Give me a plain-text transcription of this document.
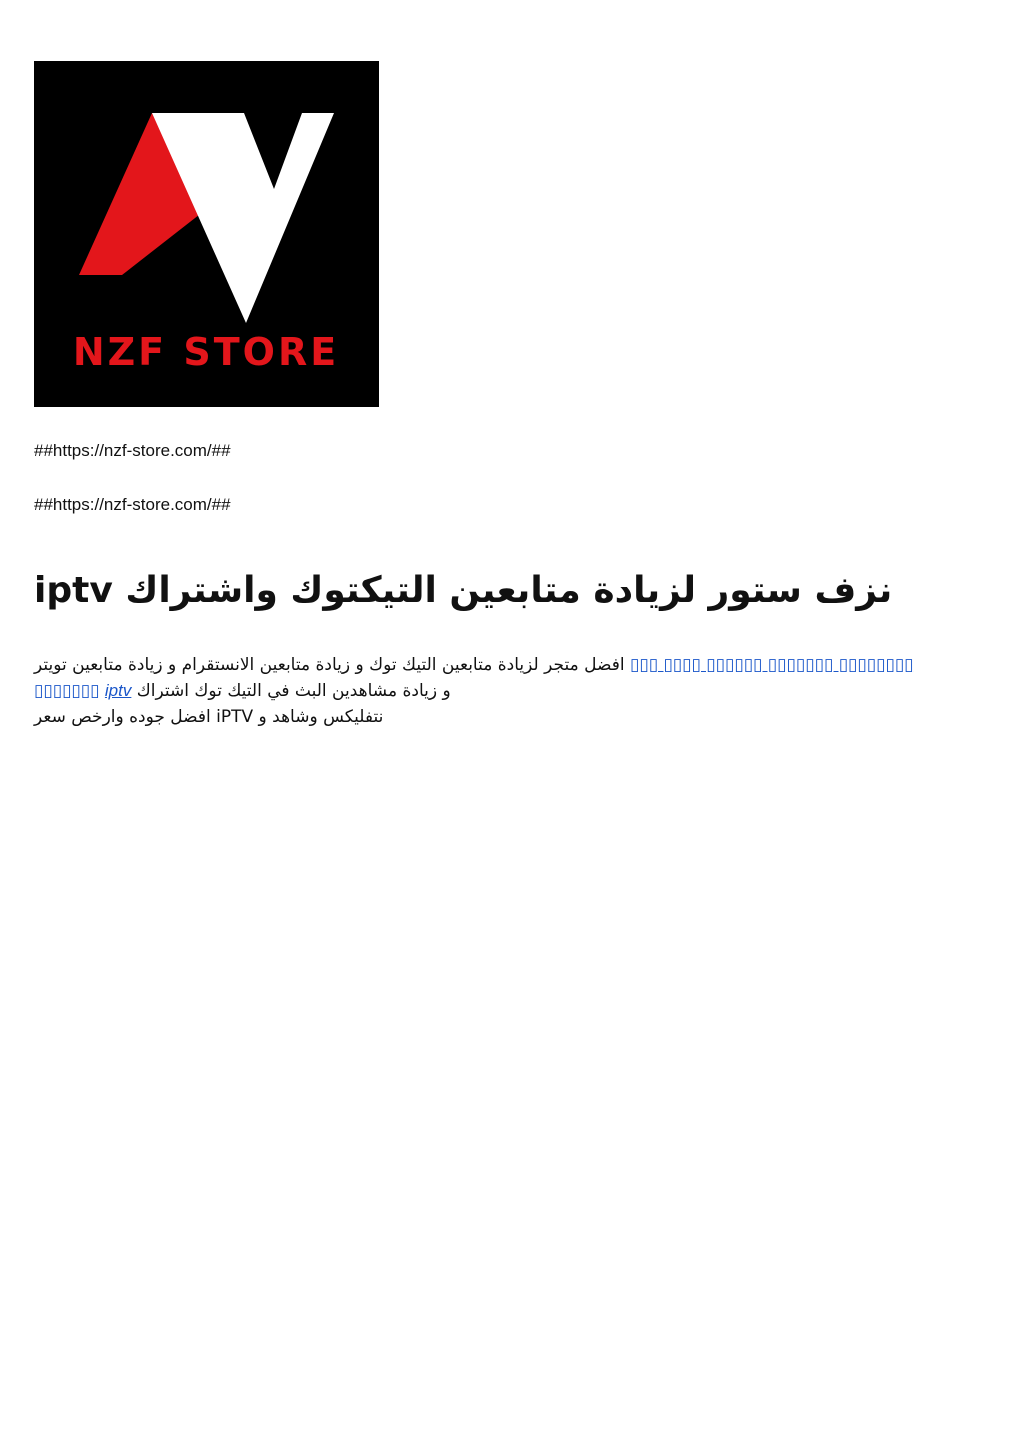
NZF STORE

##https://nzf-store.com/##

##https://nzf-store.com/##

نزف ستور لزيادة متابعين التيكتوك واشتراك iptv

افضل متجر لزيادة متابعين التيك توك و زيادة متابعين الانستقرام و زيادة متابعين تويتر ▯▯▯ ▯▯▯▯ ▯▯▯▯▯▯ ▯▯▯▯▯▯▯ ▯▯▯▯▯▯▯▯ ▯▯▯▯▯▯▯ iptv و زيادة مشاهدين البث في التيك توك اشتراك
نتفليكس وشاهد و iPTV افضل جوده وارخص سعر
